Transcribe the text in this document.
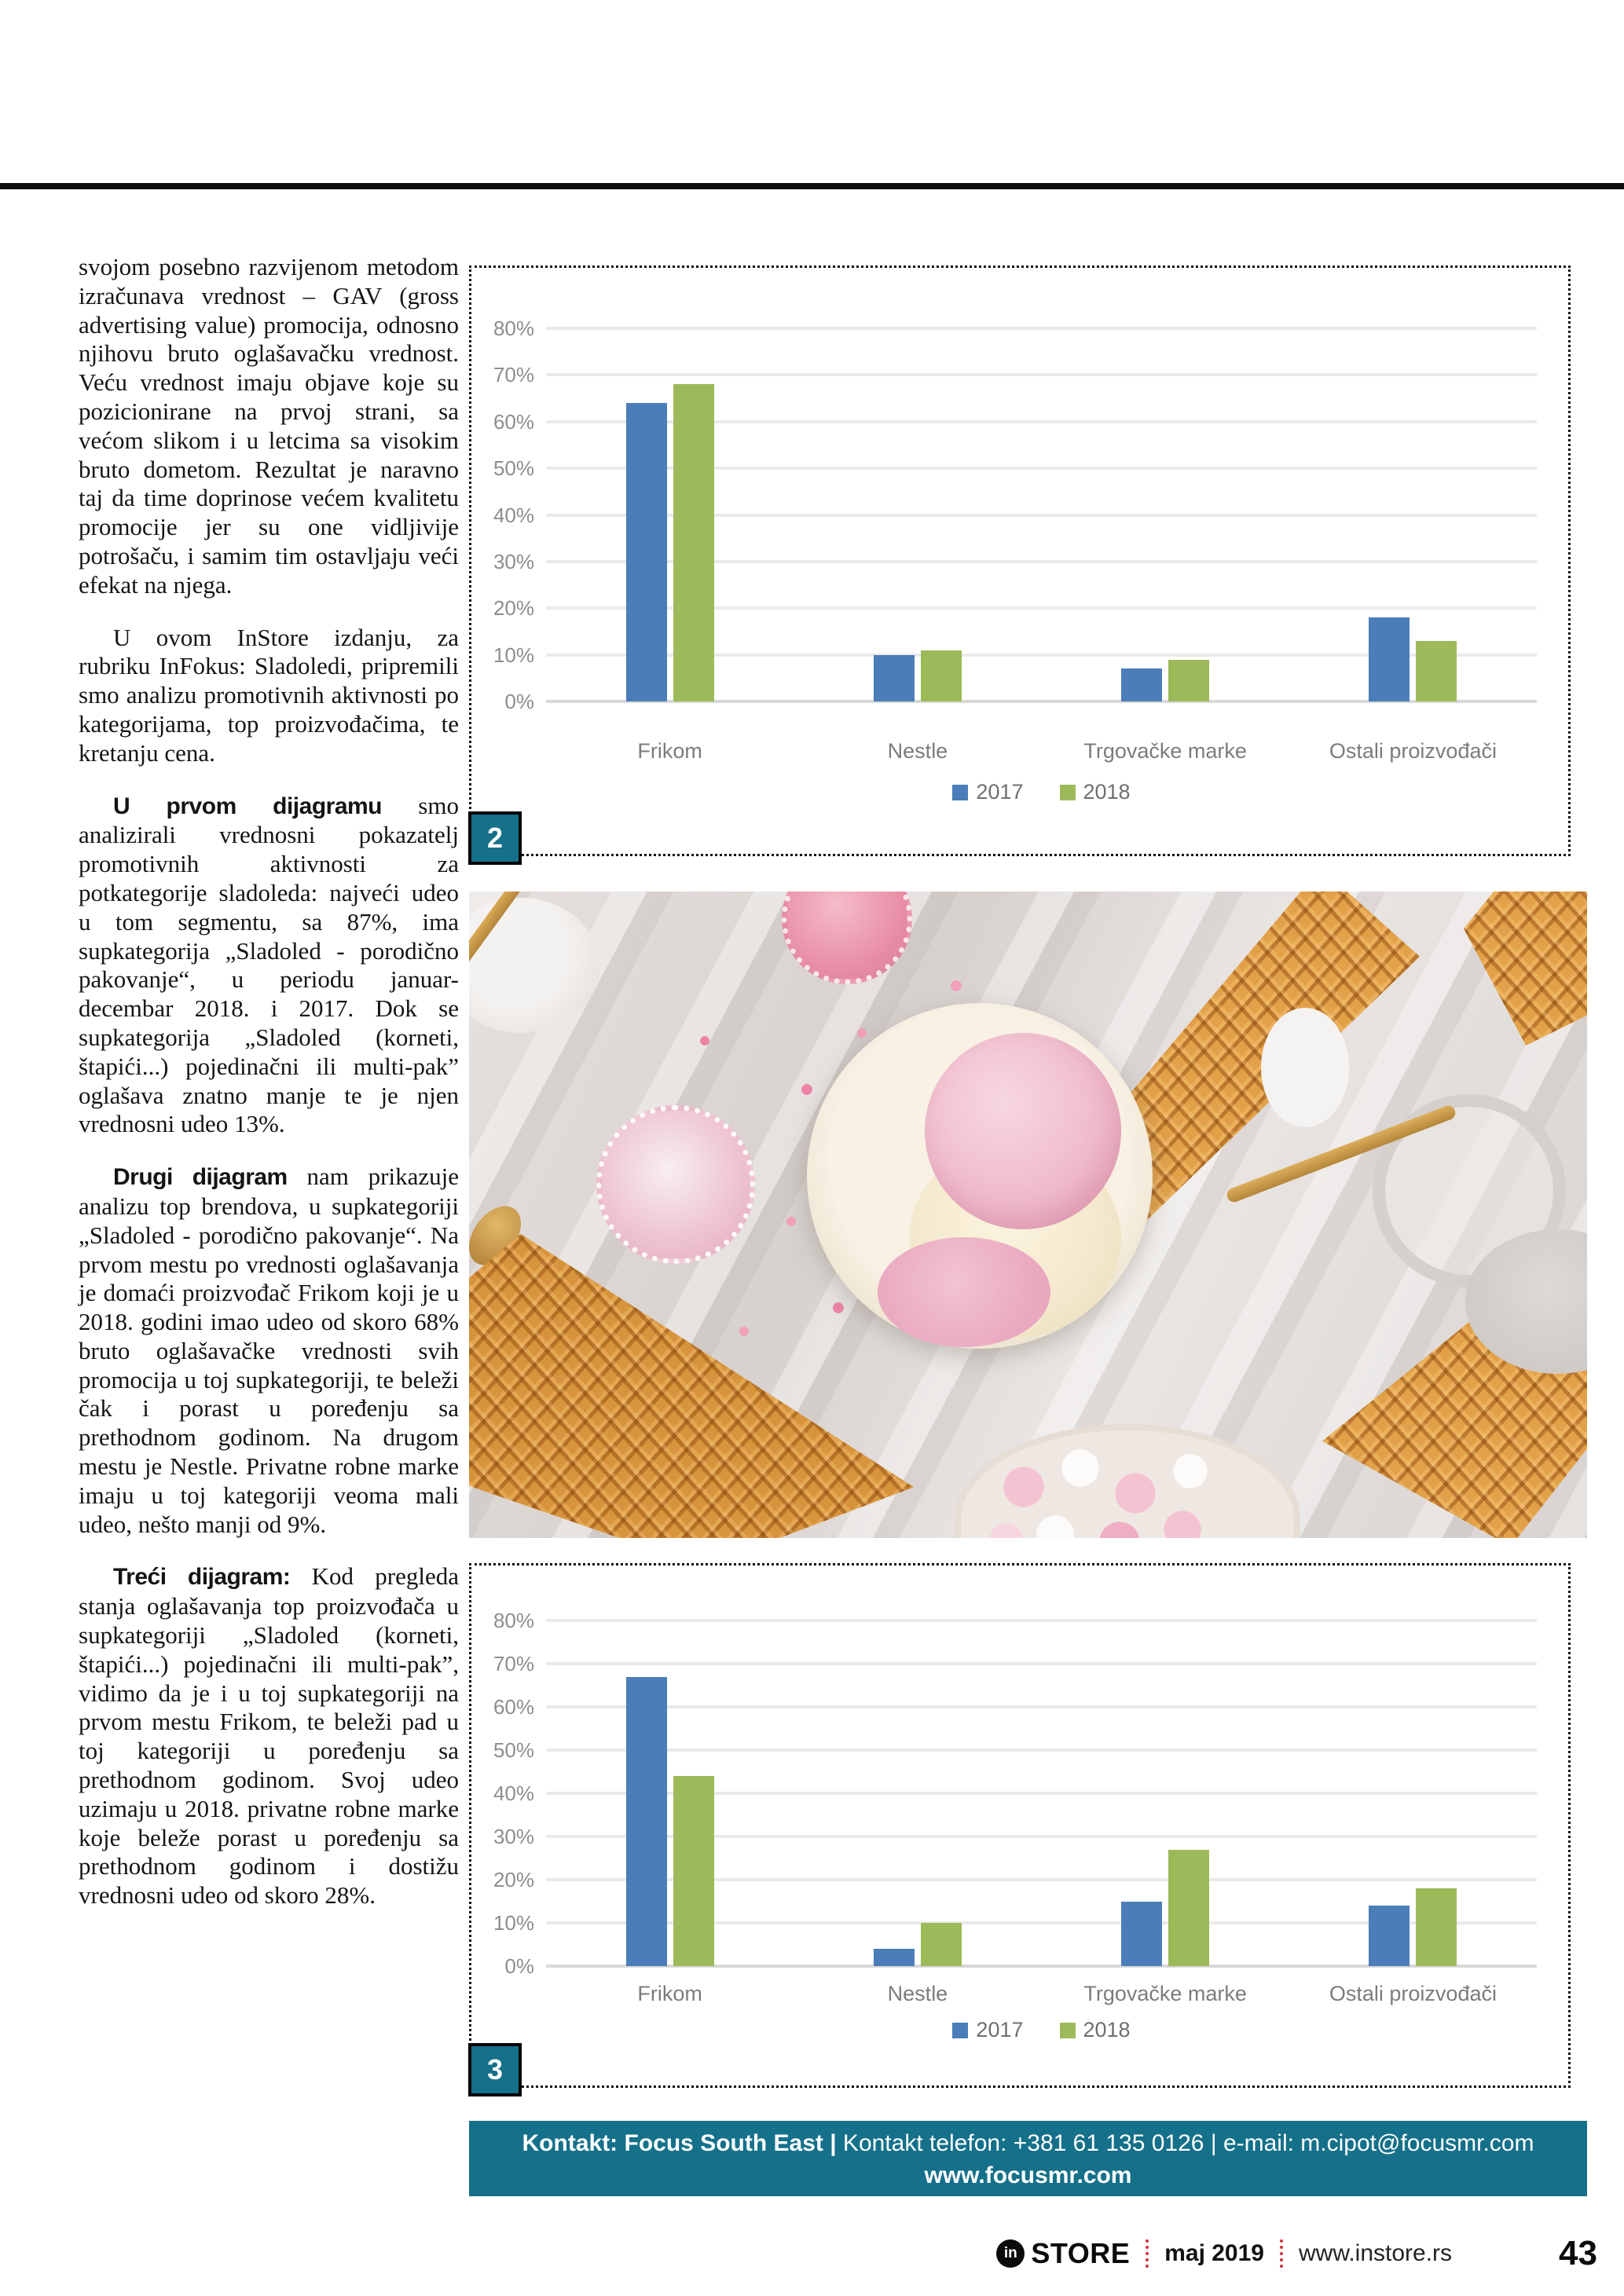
svojom posebno razvijenom metodom izračunava vrednost – GAV (gross advertising value) promocija, odnosno njihovu bruto oglašavačku vrednost. Veću vrednost imaju objave koje su pozicionirane na prvoj strani, sa većom slikom i u letcima sa visokim bruto dometom. Rezultat je naravno taj da time doprinose većem kvalitetu promocije jer su one vidljivije potrošaču, i samim tim ostavljaju veći efekat na njega.

U ovom InStore izdanju, za rubriku InFokus: Sladoledi, pripremili smo analizu promotivnih aktivnosti po kategorijama, top proizvođačima, te kretanju cena.

U prvom dijagramu smo analizirali vrednosni pokazatelj promotivnih aktivnosti za potkategorije sladoleda: najveći udeo u tom segmentu, sa 87%, ima supkategorija „Sladoled - porodično pakovanje“, u periodu januar-decembar 2018. i 2017. Dok se supkategorija „Sladoled (korneti, štapići...) pojedinačni ili multi-pak” oglašava znatno manje te je njen vrednosni udeo 13%.

Drugi dijagram nam prikazuje analizu top brendova, u supkategoriji „Sladoled - porodično pakovanje“. Na prvom mestu po vrednosti oglašavanja je domaći proizvođač Frikom koji je u 2018. godini imao udeo od skoro 68% bruto oglašavačke vrednosti svih promocija u toj supkategoriji, te beleži čak i porast u poređenju sa prethodnom godinom. Na drugom mestu je Nestle. Privatne robne marke imaju u toj kategoriji veoma mali udeo, nešto manji od 9%.

Treći dijagram: Kod pregleda stanja oglašavanja top proizvođača u supkategoriji „Sladoled (korneti, štapići...) pojedinačni ili multi-pak”, vidimo da je i u toj supkategoriji na prvom mestu Frikom, te beleži pad u toj kategoriji u poređenju sa prethodnom godinom. Svoj udeo uzimaju u 2018. privatne robne marke koje beleže porast u poređenju sa prethodnom godinom i dostižu vrednosni udeo od skoro 28%.

2
80%
70%
60%
50%
40%
30%
20%
10%
0%
Frikom	Nestle	Trgovačke marke	Ostali proizvođači
2017	2018
3
80%
70%
60%
50%
40%
30%
20%
10%
0%
Frikom	Nestle	Trgovačke marke	Ostali proizvođači
2017	2018
Kontakt: Focus South East | Kontakt telefon: +381 61 135 0126 | e-mail: m.cipot@focusmr.com
www.focusmr.com
in STORE maj 2019 www.instore.rs	43
